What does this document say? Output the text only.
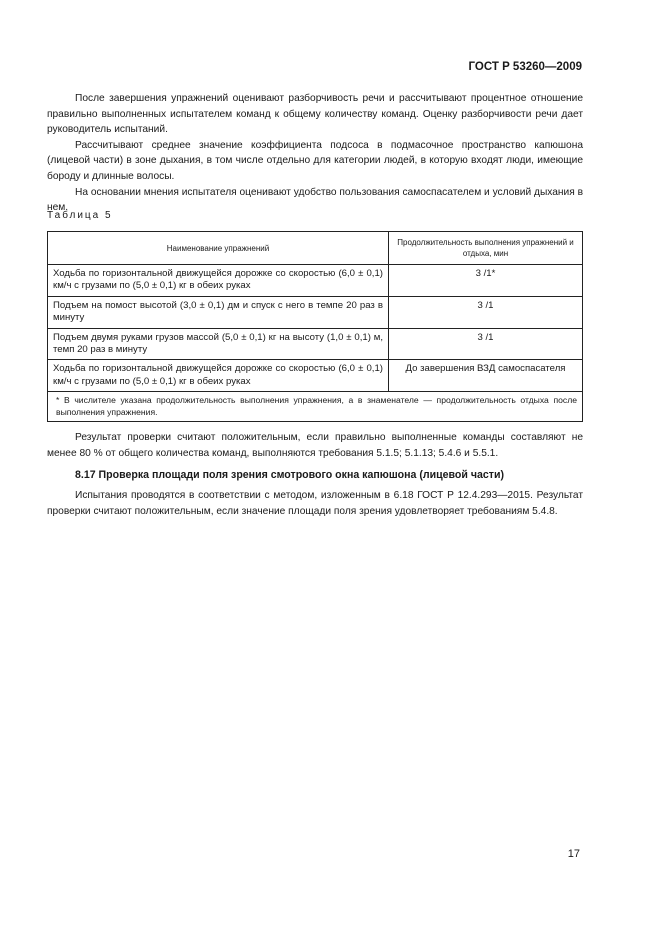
ГОСТ Р 53260—2009

После завершения упражнений оценивают разборчивость речи и рассчитывают процентное отношение правильно выполненных испытателем команд к общему количеству команд. Оценку разборчивости речи дает руководитель испытаний.

Рассчитывают среднее значение коэффициента подсоса в подмасочное пространство капюшона (лицевой части) в зоне дыхания, в том числе отдельно для категории людей, в которую входят люди, имеющие бороду и длинные волосы.

На основании мнения испытателя оценивают удобство пользования самоспасателем и условий дыхания в нем.

Таблица 5
Наименование упражнений	Продолжительность выполнения упражнений и отдыха, мин
Ходьба по горизонтальной движущейся дорожке со скоростью (6,0 ± 0,1) км/ч с грузами по (5,0 ± 0,1) кг в обеих руках	3 /1*
Подъем на помост высотой (3,0 ± 0,1) дм и спуск с него в темпе 20 раз в минуту	3 /1
Подъем двумя руками грузов массой (5,0 ± 0,1) кг на высоту (1,0 ± 0,1) м, темп 20 раз в минуту	3 /1
Ходьба по горизонтальной движущейся дорожке со скоростью (6,0 ± 0,1) км/ч с грузами по (5,0 ± 0,1) кг в обеих руках	До завершения ВЗД самоспасателя
* В числителе указана продолжительность выполнения упражнения, а в знаменателе — продолжительность отдыха после выполнения упражнения.	

Результат проверки считают положительным, если правильно выполненные команды составляют не менее 80 % от общего количества команд, выполняются требования 5.1.5; 5.1.13; 5.4.6 и 5.5.1.

8.17 Проверка площади поля зрения смотрового окна капюшона (лицевой части)

Испытания проводятся в соответствии с методом, изложенным в 6.18 ГОСТ Р 12.4.293—2015. Результат проверки считают положительным, если значение площади поля зрения удовлетворяет требованиям 5.4.8.

17
